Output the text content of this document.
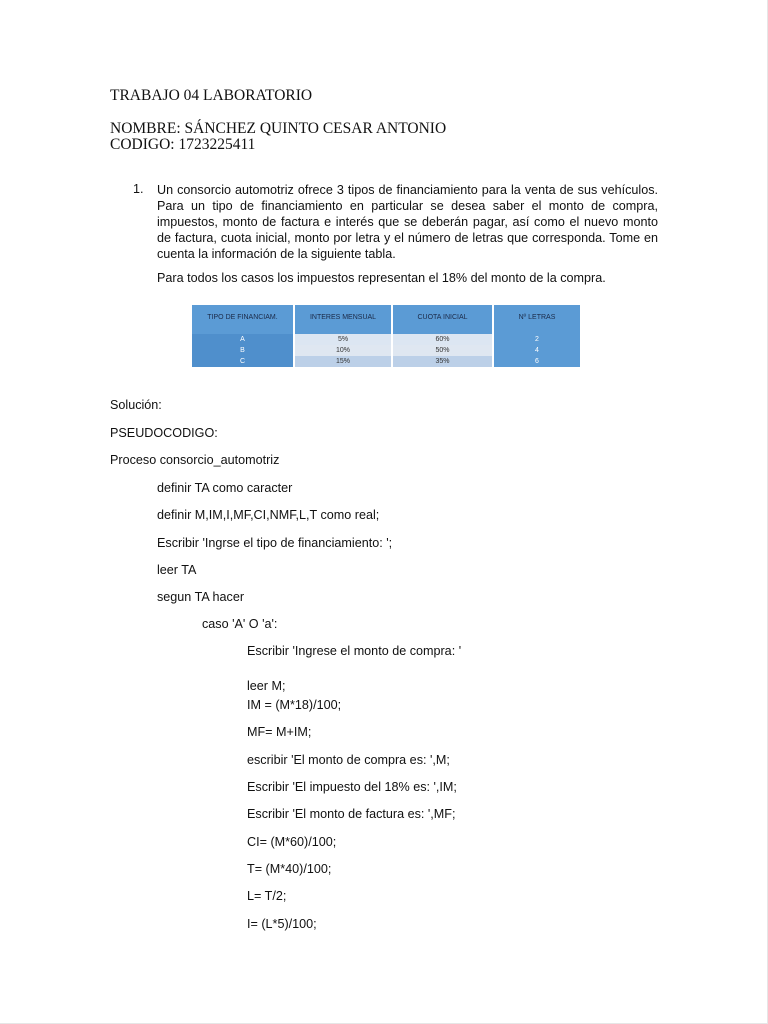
TRABAJO 04 LABORATORIO
NOMBRE: SÁNCHEZ QUINTO CESAR ANTONIO
CODIGO: 1723225411
1. Un consorcio automotriz ofrece 3 tipos de financiamiento para la venta de sus vehículos. Para un tipo de financiamiento en particular se desea saber el monto de compra, impuestos, monto de factura e interés que se deberán pagar, así como el nuevo monto de factura, cuota inicial, monto por letra y el número de letras que corresponda. Tome en cuenta la información de la siguiente tabla.
Para todos los casos los impuestos representan el 18% del monto de la compra.
TIPO DE FINANCIAM.	INTERES MENSUAL	CUOTA INICIAL	Nº LETRAS

A	5%	60%	2
B	10%	50%	4
C	15%	35%	6
Solución:
PSEUDOCODIGO:
Proceso consorcio_automotriz
definir TA como caracter
definir M,IM,I,MF,CI,NMF,L,T como real;
Escribir 'Ingrse el tipo de financiamiento: ';
leer TA
segun TA hacer
caso 'A' O 'a':
Escribir 'Ingrese el monto de compra: '
leer M;
IM = (M*18)/100;
MF= M+IM;
escribir 'El monto de compra es: ',M;
Escribir 'El impuesto del 18% es: ',IM;
Escribir 'El monto de factura es: ',MF;
CI= (M*60)/100;
T= (M*40)/100;
L= T/2;
I= (L*5)/100;
